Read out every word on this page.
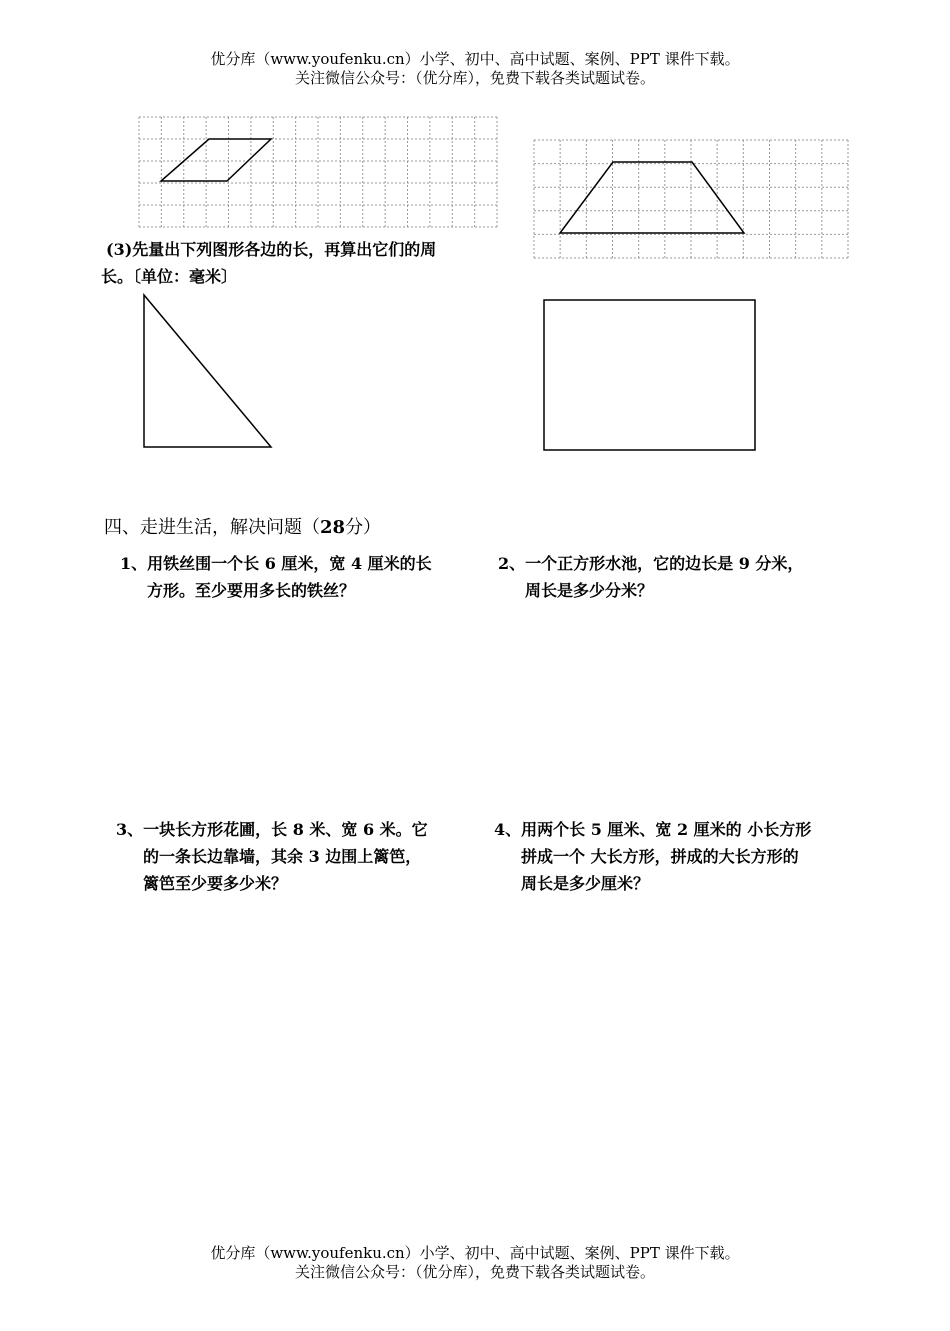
优分库（www.youfenku.cn）小学、初中、高中试题、案例、PPT 课件下载。
关注微信公众号：（优分库），免费下载各类试题试卷。
(3)先量出下列图形各边的长，再算出它们的周
长。〔单位：毫米〕
四、走进生活，解决问题（28分）
1、用铁丝围一个长 6 厘米，宽 4 厘米的长
方形。至少要用多长的铁丝？
2、一个正方形水池，它的边长是 9 分米，
周长是多少分米？
3、一块长方形花圃，长 8 米、宽 6 米。它
的一条长边靠墙，其余 3 边围上篱笆，
篱笆至少要多少米？
4、用两个长 5 厘米、宽 2 厘米的 小长方形
拼成一个 大长方形，拼成的大长方形的
周长是多少厘米？
优分库（www.youfenku.cn）小学、初中、高中试题、案例、PPT 课件下载。
关注微信公众号：（优分库），免费下载各类试题试卷。
